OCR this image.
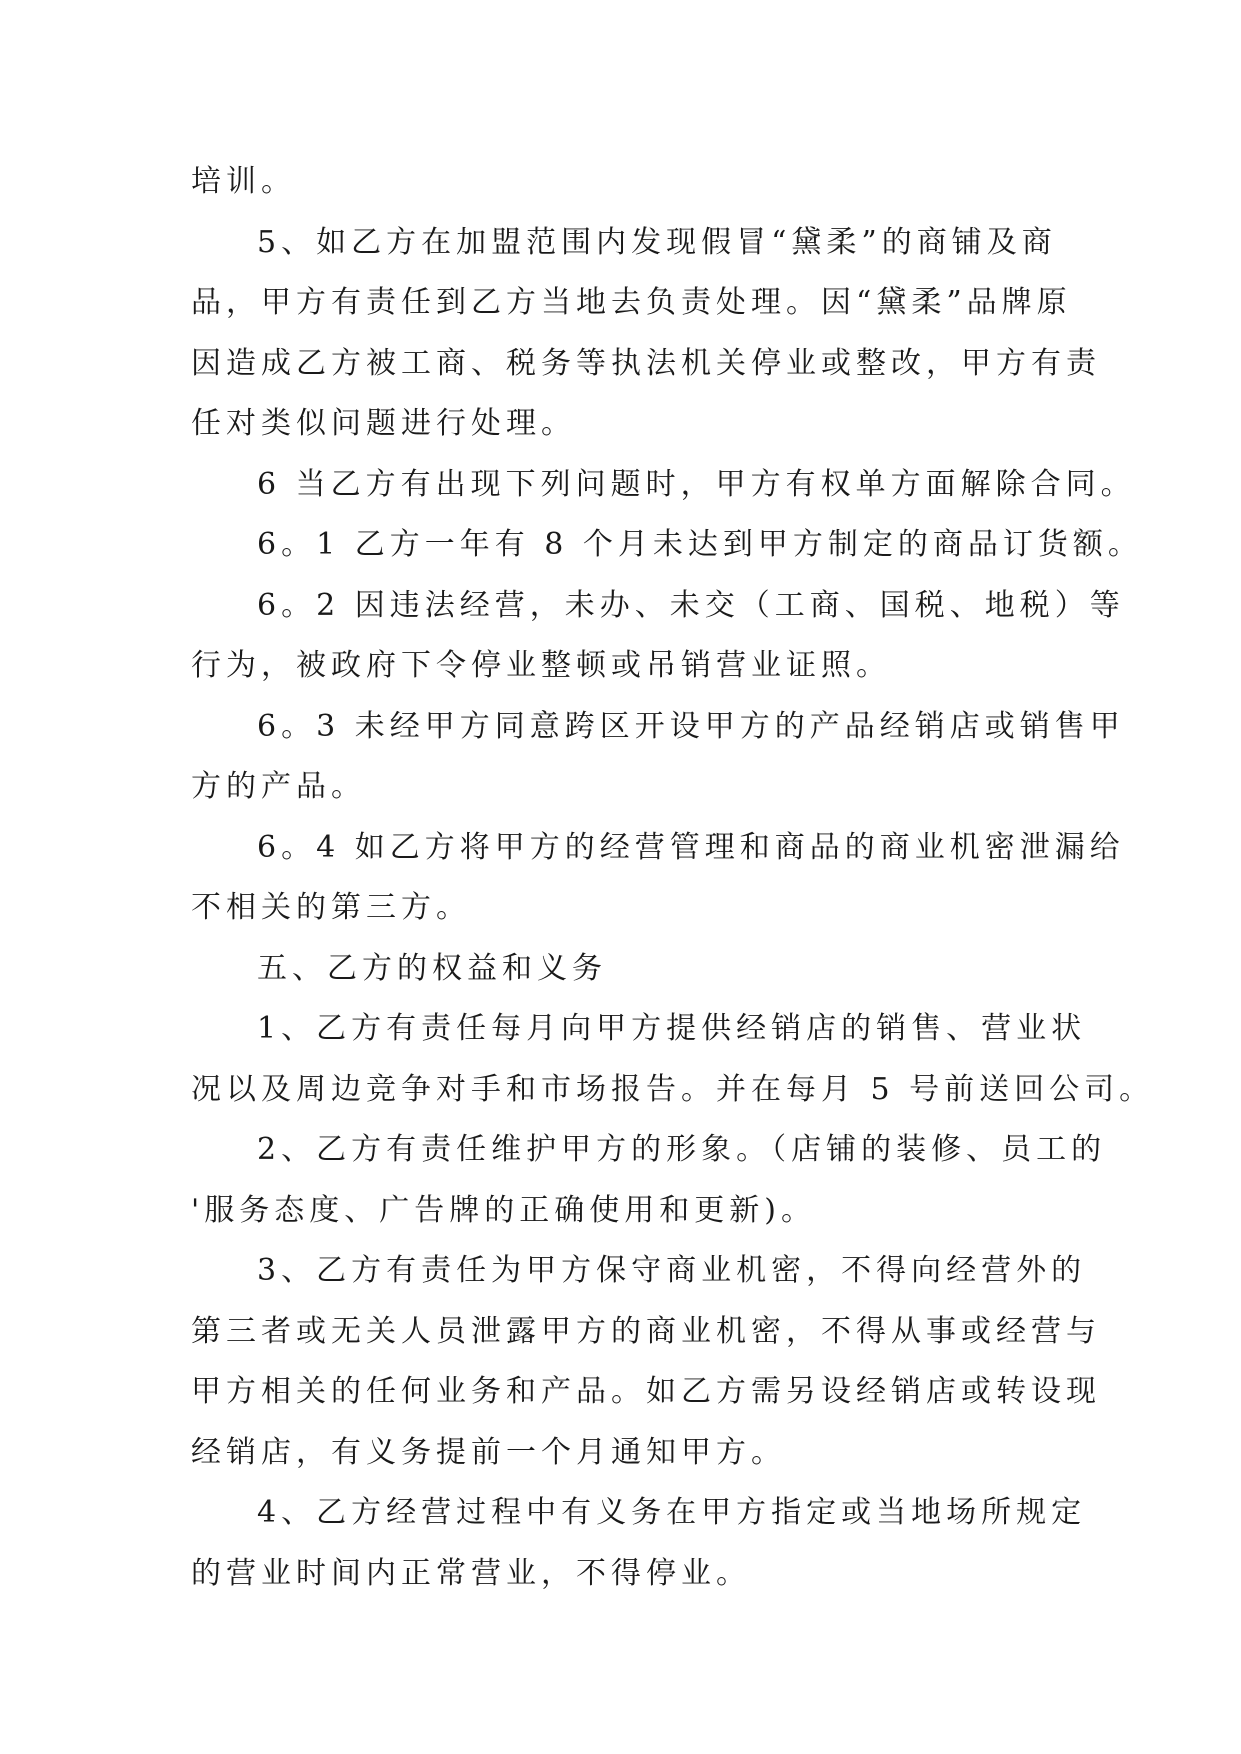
培训。
5、如乙方在加盟范围内发现假冒“黛柔”的商铺及商
品，甲方有责任到乙方当地去负责处理。因“黛柔”品牌原
因造成乙方被工商、税务等执法机关停业或整改，甲方有责
任对类似问题进行处理。
6 当乙方有出现下列问题时，甲方有权单方面解除合同。
6。1 乙方一年有 8 个月未达到甲方制定的商品订货额。
6。2 因违法经营，未办、未交（工商、国税、地税）等
行为，被政府下令停业整顿或吊销营业证照。
6。3 未经甲方同意跨区开设甲方的产品经销店或销售甲
方的产品。
6。4 如乙方将甲方的经营管理和商品的商业机密泄漏给
不相关的第三方。
五、乙方的权益和义务
1、乙方有责任每月向甲方提供经销店的销售、营业状
况以及周边竞争对手和市场报告。并在每月 5 号前送回公司。
2、乙方有责任维护甲方的形象。（店铺的装修、员工的
'服务态度、广告牌的正确使用和更新)。
3、乙方有责任为甲方保守商业机密，不得向经营外的
第三者或无关人员泄露甲方的商业机密，不得从事或经营与
甲方相关的任何业务和产品。如乙方需另设经销店或转设现
经销店，有义务提前一个月通知甲方。
4、乙方经营过程中有义务在甲方指定或当地场所规定
的营业时间内正常营业，不得停业。
